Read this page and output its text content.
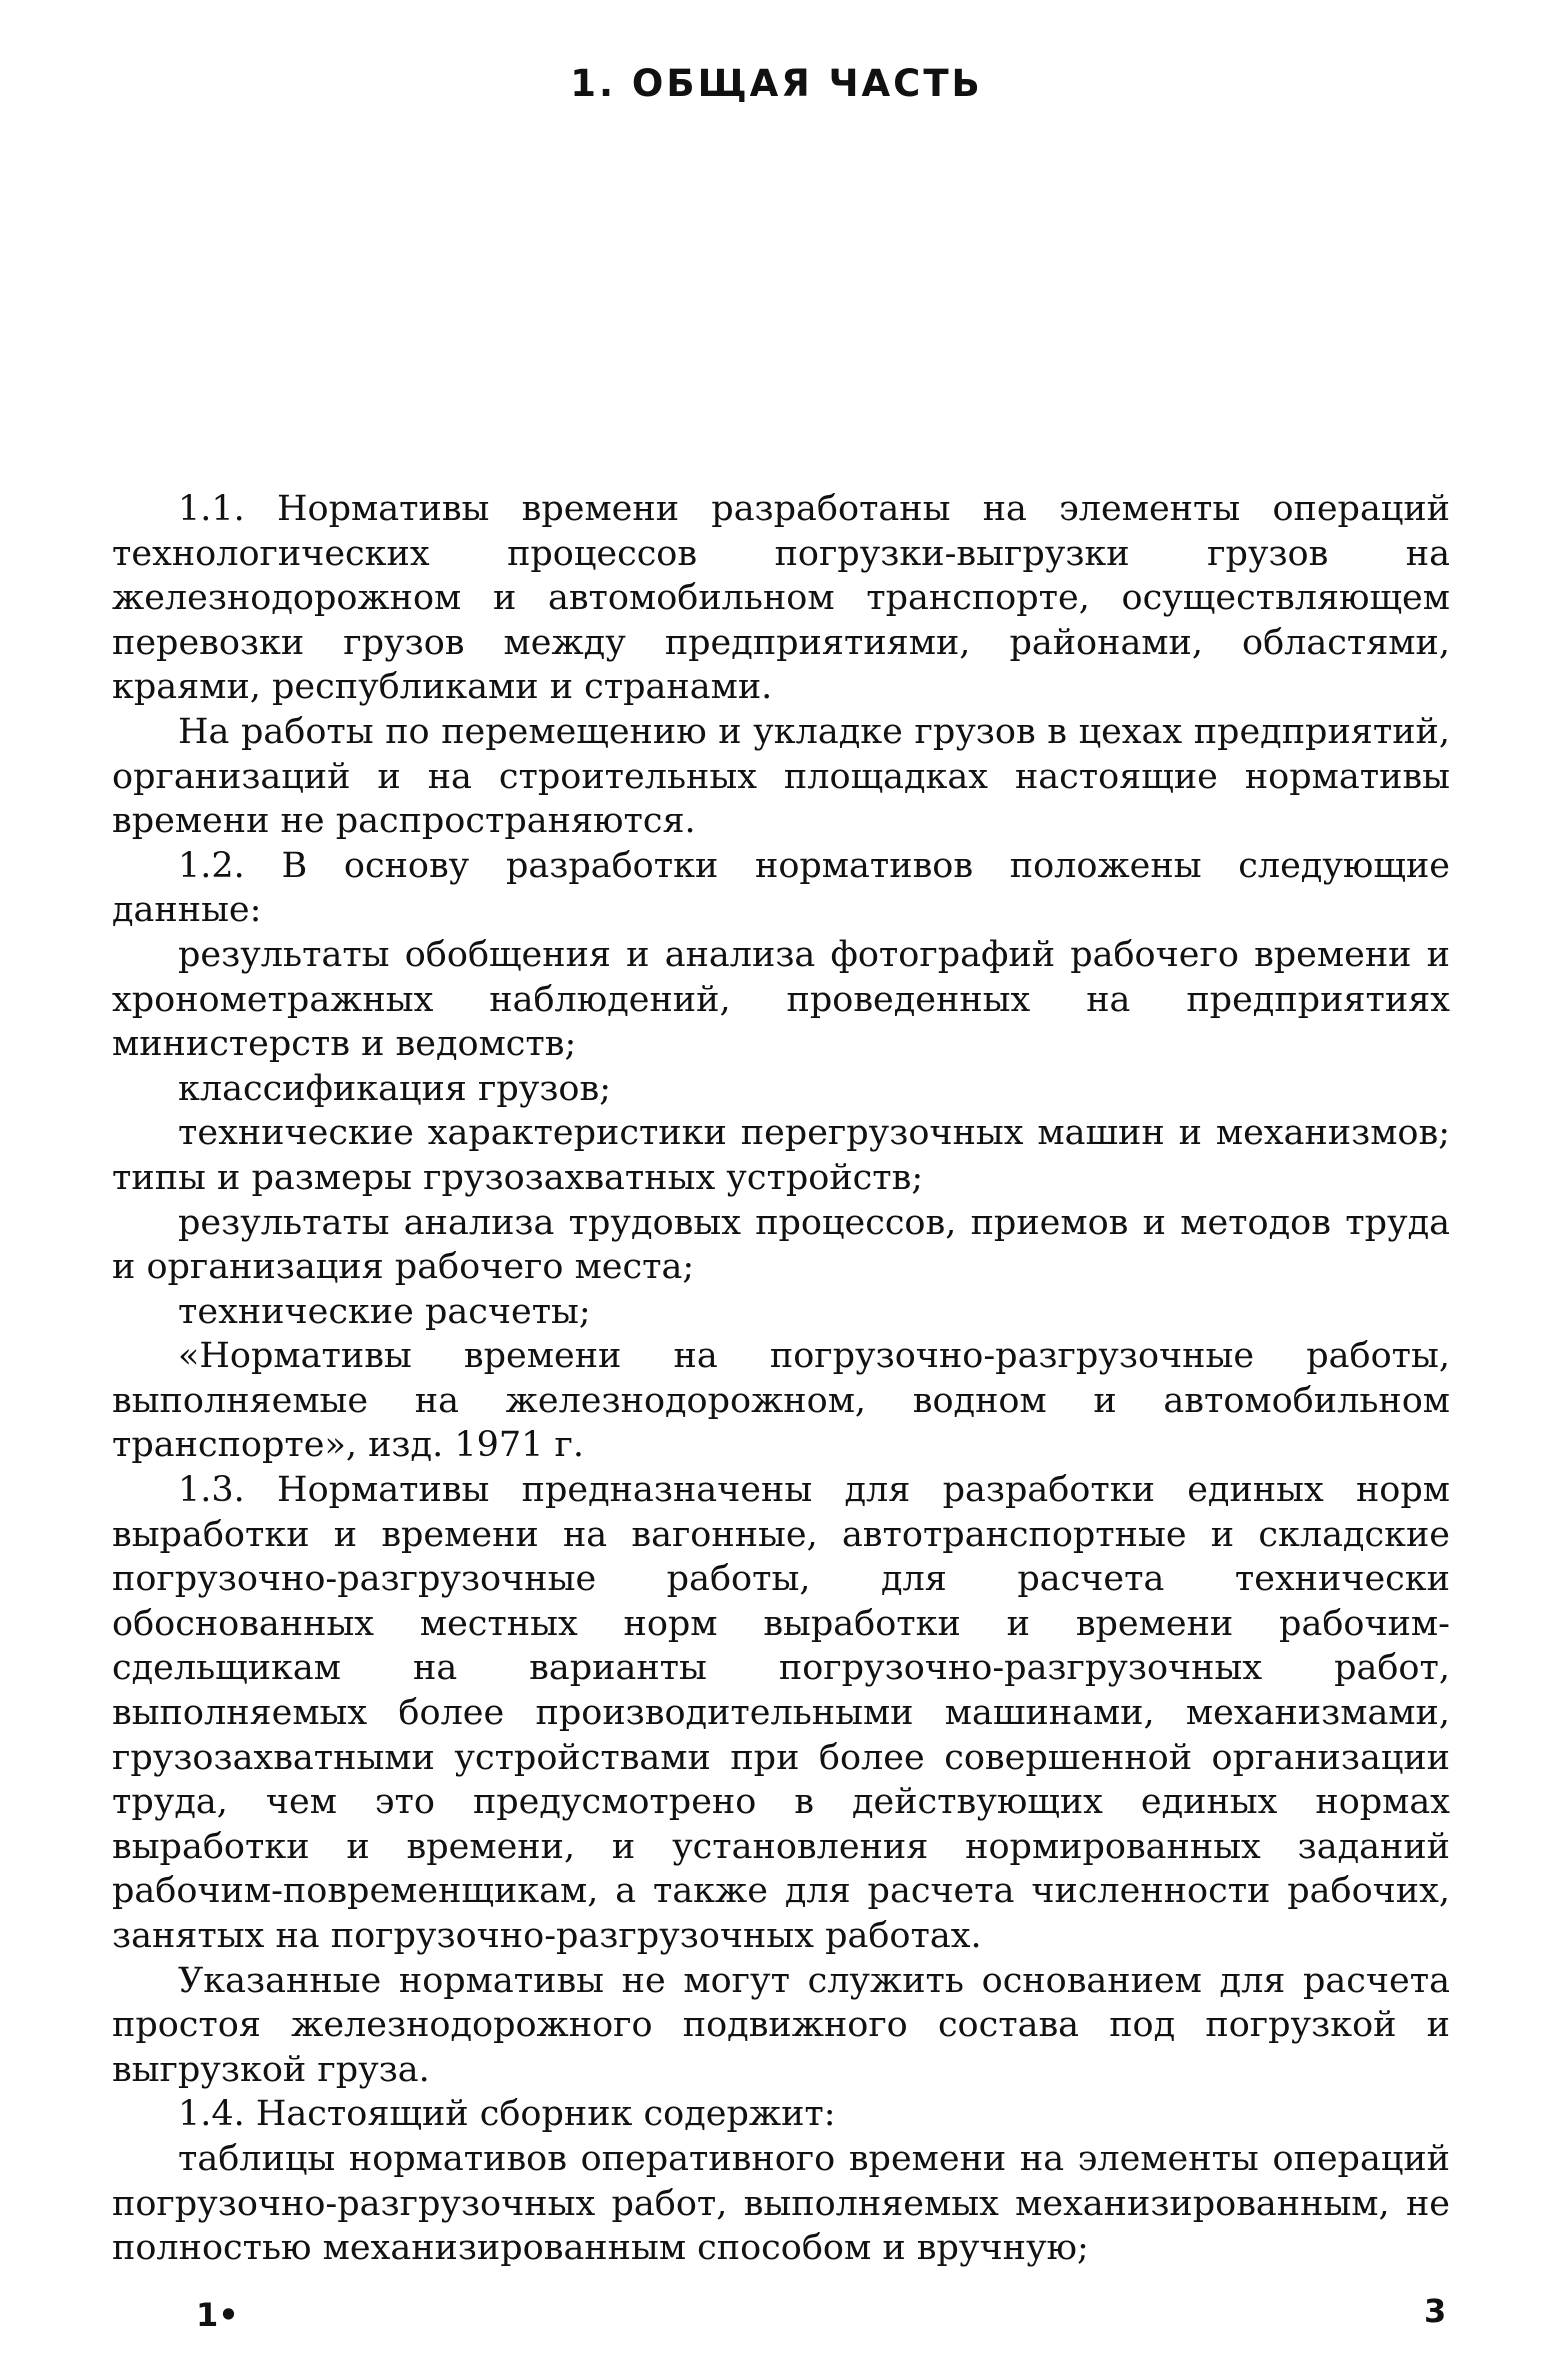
1. ОБЩАЯ ЧАСТЬ

1.1. Нормативы времени разработаны на элементы операций технологических процессов погрузки-выгрузки грузов на железнодорожном и автомобильном транспорте, осуществляющем перевозки грузов между предприятиями, районами, областями, краями, республиками и странами.

На работы по перемещению и укладке грузов в цехах предприятий, организаций и на строительных площадках настоящие нормативы времени не распространяются.

1.2. В основу разработки нормативов положены следующие данные:

результаты обобщения и анализа фотографий рабочего времени и хронометражных наблюдений, проведенных на предприятиях министерств и ведомств;

классификация грузов;

технические характеристики перегрузочных машин и механизмов; типы и размеры грузозахватных устройств;

результаты анализа трудовых процессов, приемов и методов труда и организация рабочего места;

технические расчеты;

«Нормативы времени на погрузочно-разгрузочные работы, выполняемые на железнодорожном, водном и автомобильном транспорте», изд. 1971 г.

1.3. Нормативы предназначены для разработки единых норм выработки и времени на вагонные, автотранспортные и складские погрузочно-разгрузочные работы, для расчета технически обоснованных местных норм выработки и времени рабочим-сдельщикам на варианты погрузочно-разгрузочных работ, выполняемых более производительными машинами, механизмами, грузозахватными устройствами при более совершенной организации труда, чем это предусмотрено в действующих единых нормах выработки и времени, и установления нормированных заданий рабочим-повременщикам, а также для расчета численности рабочих, занятых на погрузочно-разгрузочных работах.

Указанные нормативы не могут служить основанием для расчета простоя железнодорожного подвижного состава под погрузкой и выгрузкой груза.

1.4. Настоящий сборник содержит:

таблицы нормативов оперативного времени на элементы операций погрузочно-разгрузочных работ, выполняемых механизированным, не полностью механизированным способом и вручную;

1•	3
